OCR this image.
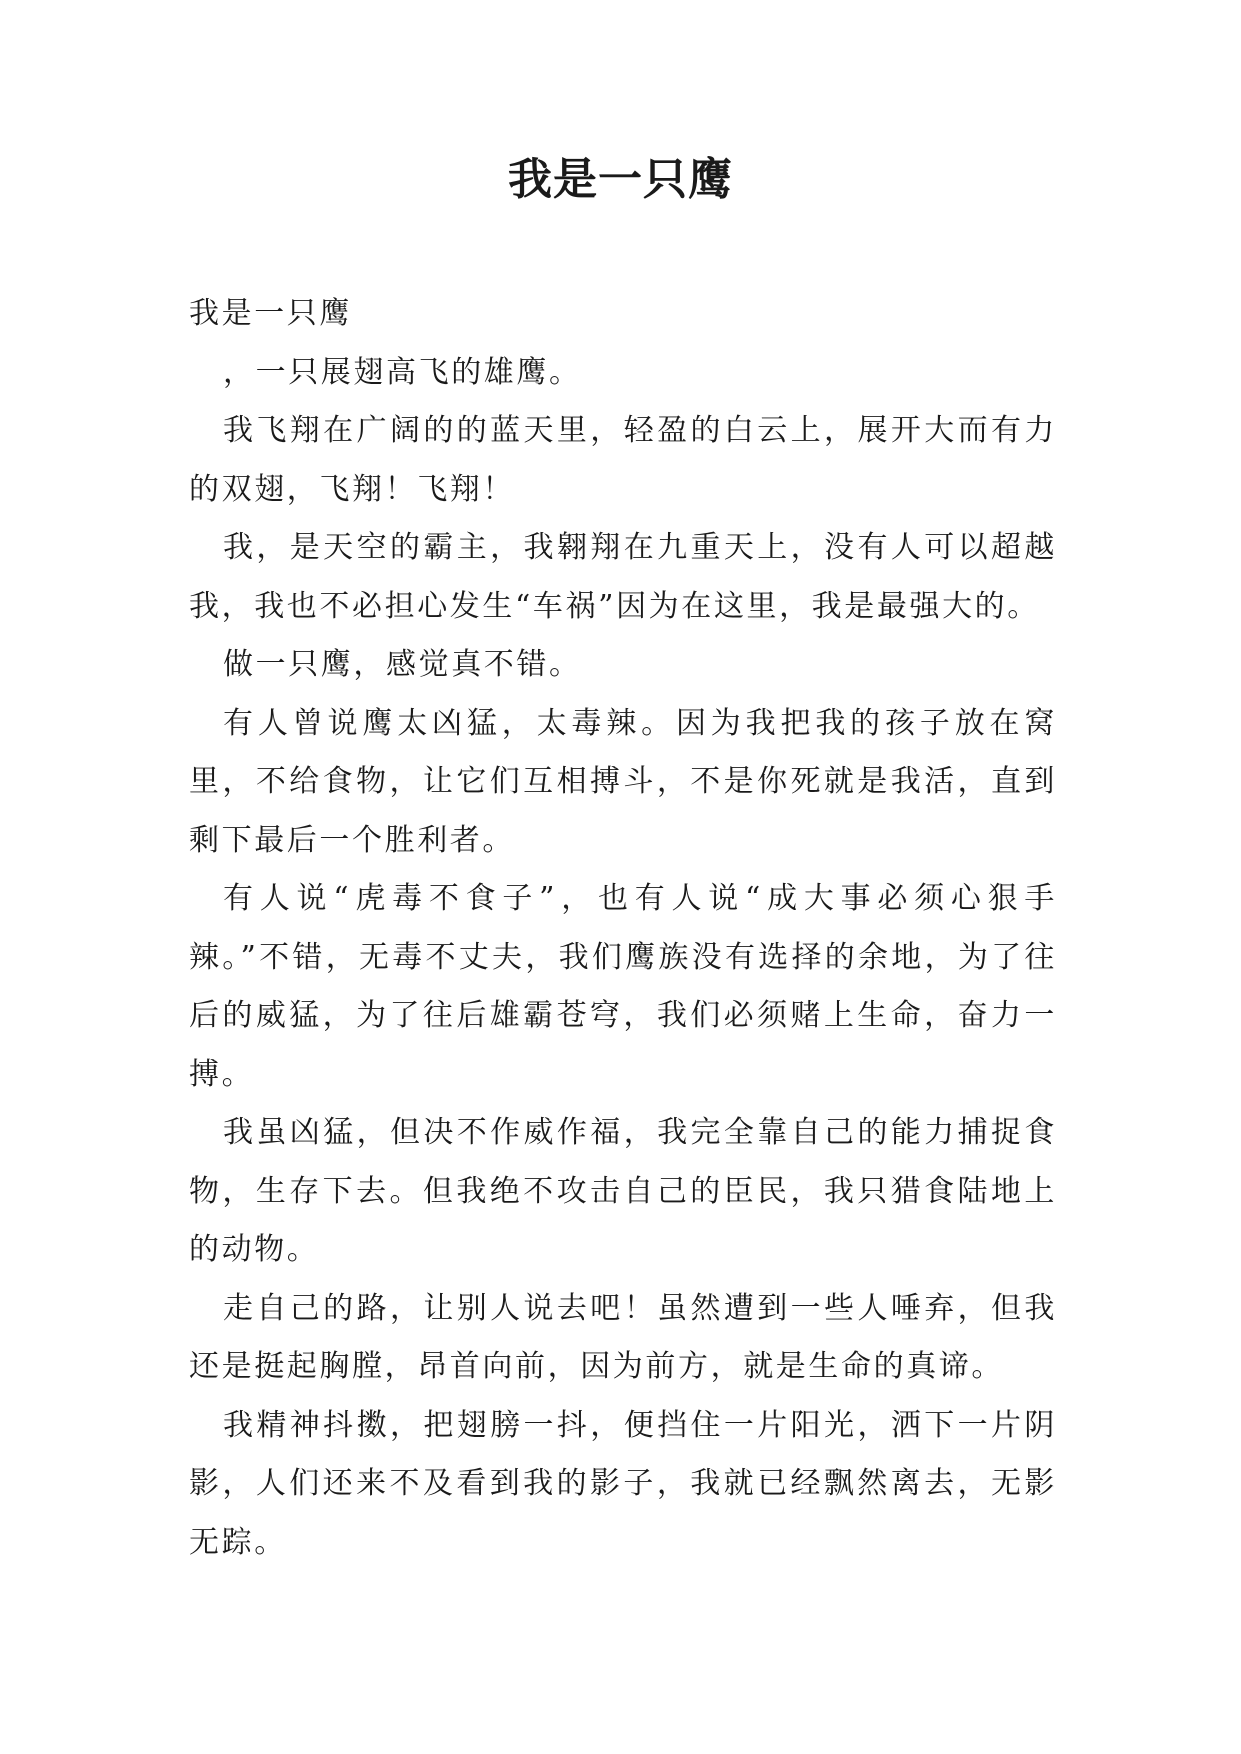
我是一只鹰

我是一只鹰

，一只展翅高飞的雄鹰。

我飞翔在广阔的的蓝天里，轻盈的白云上，展开大而有力的双翅，飞翔！飞翔！

我，是天空的霸主，我翱翔在九重天上，没有人可以超越我，我也不必担心发生“车祸”因为在这里，我是最强大的。

做一只鹰，感觉真不错。

有人曾说鹰太凶猛，太毒辣。因为我把我的孩子放在窝里，不给食物，让它们互相搏斗，不是你死就是我活，直到剩下最后一个胜利者。

有人说“虎毒不食子”，也有人说“成大事必须心狠手辣。”不错，无毒不丈夫，我们鹰族没有选择的余地，为了往后的威猛，为了往后雄霸苍穹，我们必须赌上生命，奋力一搏。

我虽凶猛，但决不作威作福，我完全靠自己的能力捕捉食物，生存下去。但我绝不攻击自己的臣民，我只猎食陆地上的动物。

走自己的路，让别人说去吧！虽然遭到一些人唾弃，但我还是挺起胸膛，昂首向前，因为前方，就是生命的真谛。

我精神抖擞，把翅膀一抖，便挡住一片阳光，洒下一片阴影，人们还来不及看到我的影子，我就已经飘然离去，无影无踪。
